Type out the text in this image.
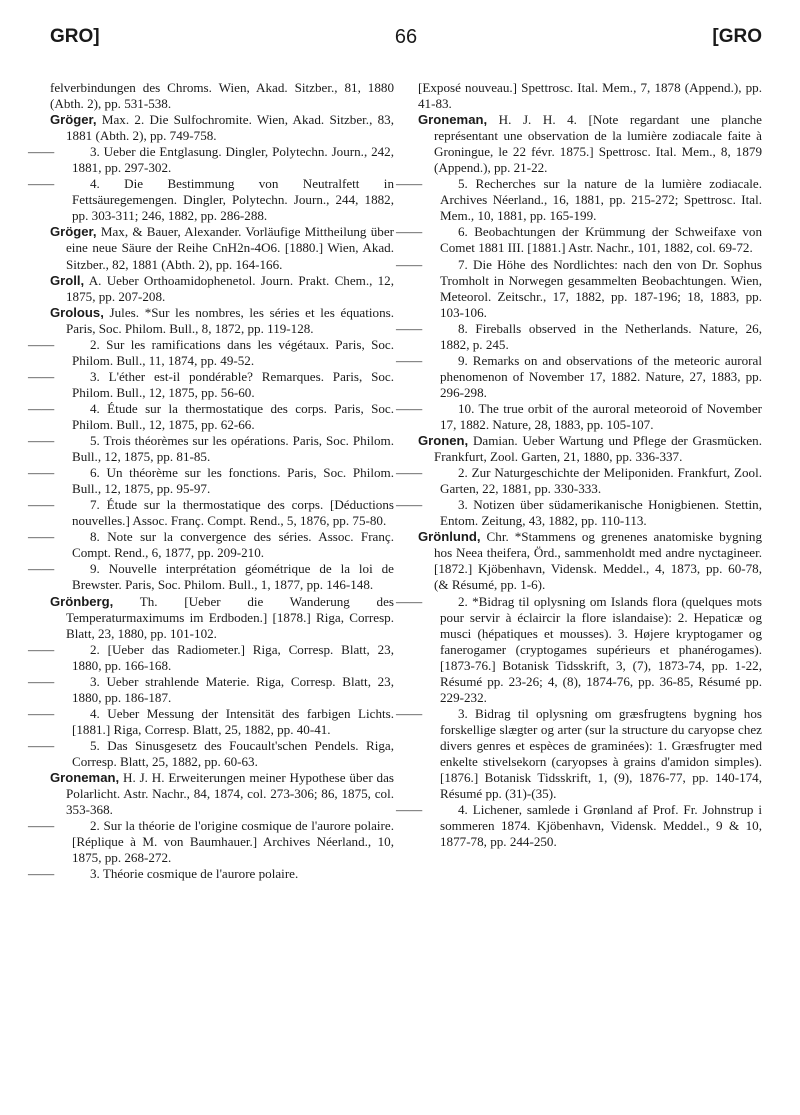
GRO]	66	[GRO

felverbindungen des Chroms. Wien, Akad. Sitzber., 81, 1880 (Abth. 2), pp. 531-538.

Gröger, Max. 2. Die Sulfochromite. Wien, Akad. Sitzber., 83, 1881 (Abth. 2), pp. 749-758.

——	3. Ueber die Entglasung. Dingler, Polytechn. Journ., 242, 1881, pp. 297-302.

——	4. Die Bestimmung von Neutralfett in Fettsäuregemengen. Dingler, Polytechn. Journ., 244, 1882, pp. 303-311; 246, 1882, pp. 286-288.

Gröger, Max, & Bauer, Alexander. Vorläufige Mittheilung über eine neue Säure der Reihe CnH2n-4O6. [1880.] Wien, Akad. Sitzber., 82, 1881 (Abth. 2), pp. 164-166.

Groll, A. Ueber Orthoamidophenetol. Journ. Prakt. Chem., 12, 1875, pp. 207-208.

Grolous, Jules. *Sur les nombres, les séries et les équations. Paris, Soc. Philom. Bull., 8, 1872, pp. 119-128.

——	2. Sur les ramifications dans les végétaux. Paris, Soc. Philom. Bull., 11, 1874, pp. 49-52.

——	3. L'éther est-il pondérable? Remarques. Paris, Soc. Philom. Bull., 12, 1875, pp. 56-60.

——	4. Étude sur la thermostatique des corps. Paris, Soc. Philom. Bull., 12, 1875, pp. 62-66.

——	5. Trois théorèmes sur les opérations. Paris, Soc. Philom. Bull., 12, 1875, pp. 81-85.

——	6. Un théorème sur les fonctions. Paris, Soc. Philom. Bull., 12, 1875, pp. 95-97.

——	7. Étude sur la thermostatique des corps. [Déductions nouvelles.] Assoc. Franç. Compt. Rend., 5, 1876, pp. 75-80.

——	8. Note sur la convergence des séries. Assoc. Franç. Compt. Rend., 6, 1877, pp. 209-210.

——	9. Nouvelle interprétation géométrique de la loi de Brewster. Paris, Soc. Philom. Bull., 1, 1877, pp. 146-148.

Grönberg, Th. [Ueber die Wanderung des Temperaturmaximums im Erdboden.] [1878.] Riga, Corresp. Blatt, 23, 1880, pp. 101-102.

——	2. [Ueber das Radiometer.] Riga, Corresp. Blatt, 23, 1880, pp. 166-168.

——	3. Ueber strahlende Materie. Riga, Corresp. Blatt, 23, 1880, pp. 186-187.

——	4. Ueber Messung der Intensität des farbigen Lichts. [1881.] Riga, Corresp. Blatt, 25, 1882, pp. 40-41.

——	5. Das Sinusgesetz des Foucault'schen Pendels. Riga, Corresp. Blatt, 25, 1882, pp. 60-63.

Groneman, H. J. H. Erweiterungen meiner Hypothese über das Polarlicht. Astr. Nachr., 84, 1874, col. 273-306; 86, 1875, col. 353-368.

——	2. Sur la théorie de l'origine cosmique de l'aurore polaire. [Réplique à M. von Baumhauer.] Archives Néerland., 10, 1875, pp. 268-272.

——	3. Théorie cosmique de l'aurore polaire.

[Exposé nouveau.] Spettrosc. Ital. Mem., 7, 1878 (Append.), pp. 41-83.

Groneman, H. J. H. 4. [Note regardant une planche représentant une observation de la lumière zodiacale faite à Groningue, le 22 févr. 1875.] Spettrosc. Ital. Mem., 8, 1879 (Append.), pp. 21-22.

——	5. Recherches sur la nature de la lumière zodiacale. Archives Néerland., 16, 1881, pp. 215-272; Spettrosc. Ital. Mem., 10, 1881, pp. 165-199.

——	6. Beobachtungen der Krümmung der Schweifaxe von Comet 1881 III. [1881.] Astr. Nachr., 101, 1882, col. 69-72.

——	7. Die Höhe des Nordlichtes: nach den von Dr. Sophus Tromholt in Norwegen gesammelten Beobachtungen. Wien, Meteorol. Zeitschr., 17, 1882, pp. 187-196; 18, 1883, pp. 103-106.

——	8. Fireballs observed in the Netherlands. Nature, 26, 1882, p. 245.

——	9. Remarks on and observations of the meteoric auroral phenomenon of November 17, 1882. Nature, 27, 1883, pp. 296-298.

——	10. The true orbit of the auroral meteoroid of November 17, 1882. Nature, 28, 1883, pp. 105-107.

Gronen, Damian. Ueber Wartung und Pflege der Grasmücken. Frankfurt, Zool. Garten, 21, 1880, pp. 336-337.

——	2. Zur Naturgeschichte der Meliponiden. Frankfurt, Zool. Garten, 22, 1881, pp. 330-333.

——	3. Notizen über südamerikanische Honigbienen. Stettin, Entom. Zeitung, 43, 1882, pp. 110-113.

Grönlund, Chr. *Stammens og grenenes anatomiske bygning hos Neea theifera, Örd., sammenholdt med andre nyctagineer. [1872.] Kjöbenhavn, Vidensk. Meddel., 4, 1873, pp. 60-78, (& Résumé, pp. 1-6).

——	2. *Bidrag til oplysning om Islands flora (quelques mots pour servir à éclaircir la flore islandaise): 2. Hepaticæ og musci (hépatiques et mousses). 3. Højere kryptogamer og fanerogamer (cryptogames supérieurs et phanérogames). [1873-76.] Botanisk Tidsskrift, 3, (7), 1873-74, pp. 1-22, Résumé pp. 23-26; 4, (8), 1874-76, pp. 36-85, Résumé pp. 229-232.

——	3. Bidrag til oplysning om græsfrugtens bygning hos forskellige slægter og arter (sur la structure du caryopse chez divers genres et espèces de graminées): 1. Græsfrugter med enkelte stivelsekorn (caryopses à grains d'amidon simples). [1876.] Botanisk Tidsskrift, 1, (9), 1876-77, pp. 140-174, Résumé pp. (31)-(35).

——	4. Lichener, samlede i Grønland af Prof. Fr. Johnstrup i sommeren 1874. Kjöbenhavn, Vidensk. Meddel., 9 & 10, 1877-78, pp. 244-250.
